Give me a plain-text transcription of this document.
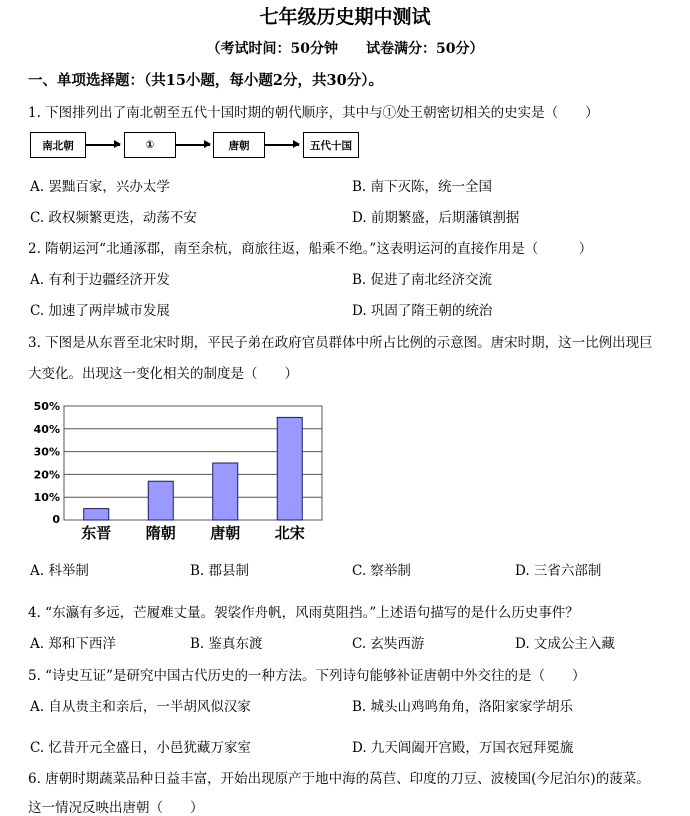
七年级历史期中测试
（考试时间：50分钟　　试卷满分：50分）
一、单项选择题：（共15小题，每小题2分，共30分）。
1. 下图排列出了南北朝至五代十国时期的朝代顺序，其中与①处王朝密切相关的史实是（　　）
南北朝	①	唐朝	五代十国
A. 罢黜百家，兴办太学	B. 南下灭陈，统一全国
C. 政权频繁更迭，动荡不安	D. 前期繁盛，后期藩镇割据
2. 隋朝运河“北通涿郡，南至余杭，商旅往返，船乘不绝。”这表明运河的直接作用是（　　　）
A. 有利于边疆经济开发	B. 促进了南北经济交流
C. 加速了两岸城市发展	D. 巩固了隋王朝的统治
3. 下图是从东晋至北宋时期，平民子弟在政府官员群体中所占比例的示意图。唐宋时期，这一比例出现巨
大变化。出现这一变化相关的制度是（　　）
0
10%
20%
30%
40%
50%
东晋 隋朝 唐朝 北宋
A. 科举制	B. 郡县制	C. 察举制	D. 三省六部制
4. “东瀛有多远，芒履难丈量。袈裟作舟帆，风雨莫阻挡。”上述语句描写的是什么历史事件？
A. 郑和下西洋	B. 鉴真东渡	C. 玄奘西游	D. 文成公主入藏
5. “诗史互证”是研究中国古代历史的一种方法。下列诗句能够补证唐朝中外交往的是（　　）
A. 自从贵主和亲后，一半胡风似汉家	B. 城头山鸡鸣角角，洛阳家家学胡乐
C. 忆昔开元全盛日，小邑犹藏万家室	D. 九天阊阖开宫殿，万国衣冠拜冕旒
6. 唐朝时期蔬菜品种日益丰富，开始出现原产于地中海的莴苣、印度的刀豆、波棱国(今尼泊尔)的菠菜。
这一情况反映出唐朝（　　）
